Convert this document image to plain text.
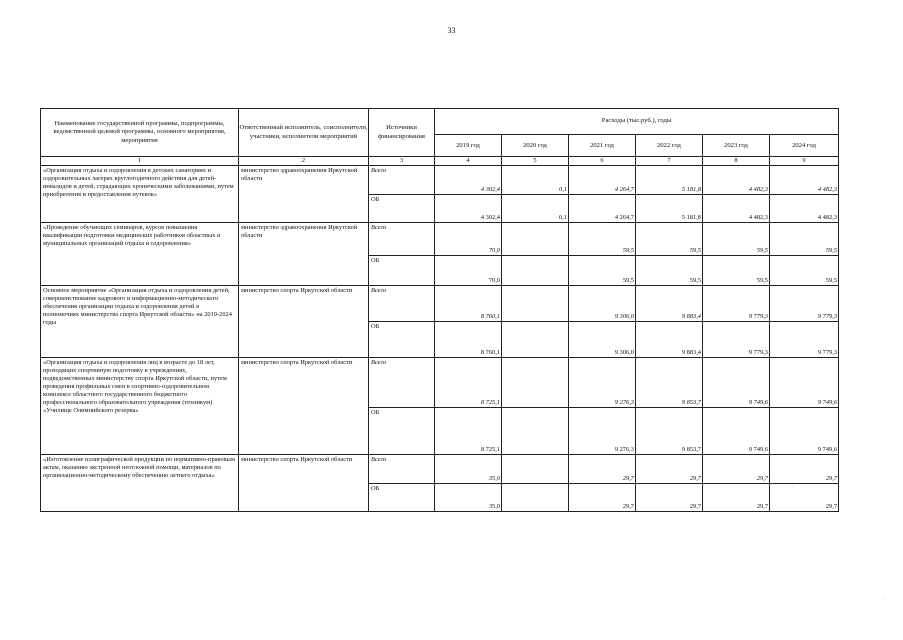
33
Наименование государственной программы, подпрограммы, ведомственной целевой программы, основного мероприятия, мероприятия	Ответственный исполнитель, соисполнители, участники, исполнители мероприятий	Источники финансирования	Расходы (тыс.руб.), годы					
			2019 год	2020 год	2021 год	2022 год	2023 год	2024 год
1	2	3	4	5	6	7	8	9
«Организация отдыха и оздоровления в детских санаториях и оздоровительных лагерях круглогодичного действия для детей-инвалидов и детей, страдающих хроническими заболеваниями, путем приобретения и предоставления путевок»	министерство здравоохранения Иркутской области	Всего	4 302,4	0,1	4 264,7	5 181,8	4 482,3	4 482,3
		ОБ	4 302,4	0,1	4 264,7	5 181,8	4 482,3	4 482,3
«Проведение обучающих семинаров, курсов повышения квалификации подготовки медицинских работников областных и муниципальных организаций отдыха и оздоровления»	министерство здравоохранения Иркутской области	Всего	70,0		59,5	59,5	59,5	59,5
		ОБ	70,0		59,5	59,5	59,5	59,5
Основное мероприятие «Организация отдыха и оздоровления детей, совершенствование кадрового и информационно-методического обеспечения организации отдыха и оздоровления детей в полномочиях министерства спорта Иркутской области» на 2019-2024 годы	министерство спорта Иркутской области	Всего	8 760,1		9 306,0	9 883,4	9 779,3	9 779,3
		ОБ	8 760,1		9 306,0	9 883,4	9 779,3	9 779,3
«Организация отдыха и оздоровления лиц в возрасте до 18 лет, проходящих спортивную подготовку в учреждениях, подведомственных министерству спорта Иркутской области, путем проведения профильных смен в спортивно-оздоровительном комплексе областного государственного бюджетного профессионального образовательного учреждения (техникум) «Училище Олимпийского резерва»	министерство спорта Иркутской области	Всего	8 725,1		9 276,3	9 853,7	9 749,6	9 749,6
		ОБ	8 725,1		9 276,3	9 853,7	9 749,6	9 749,6
«Изготовление полиграфической продукции по нормативно-правовым актам, оказанию экстренной неотложной помощи, материалов по организационно-методическому обеспечению летнего отдыха»	министерство спорта Иркутской области	Всего	35,0		29,7	29,7	29,7	29,7
		ОБ	35,0		29,7	29,7	29,7	29,7
·
·
